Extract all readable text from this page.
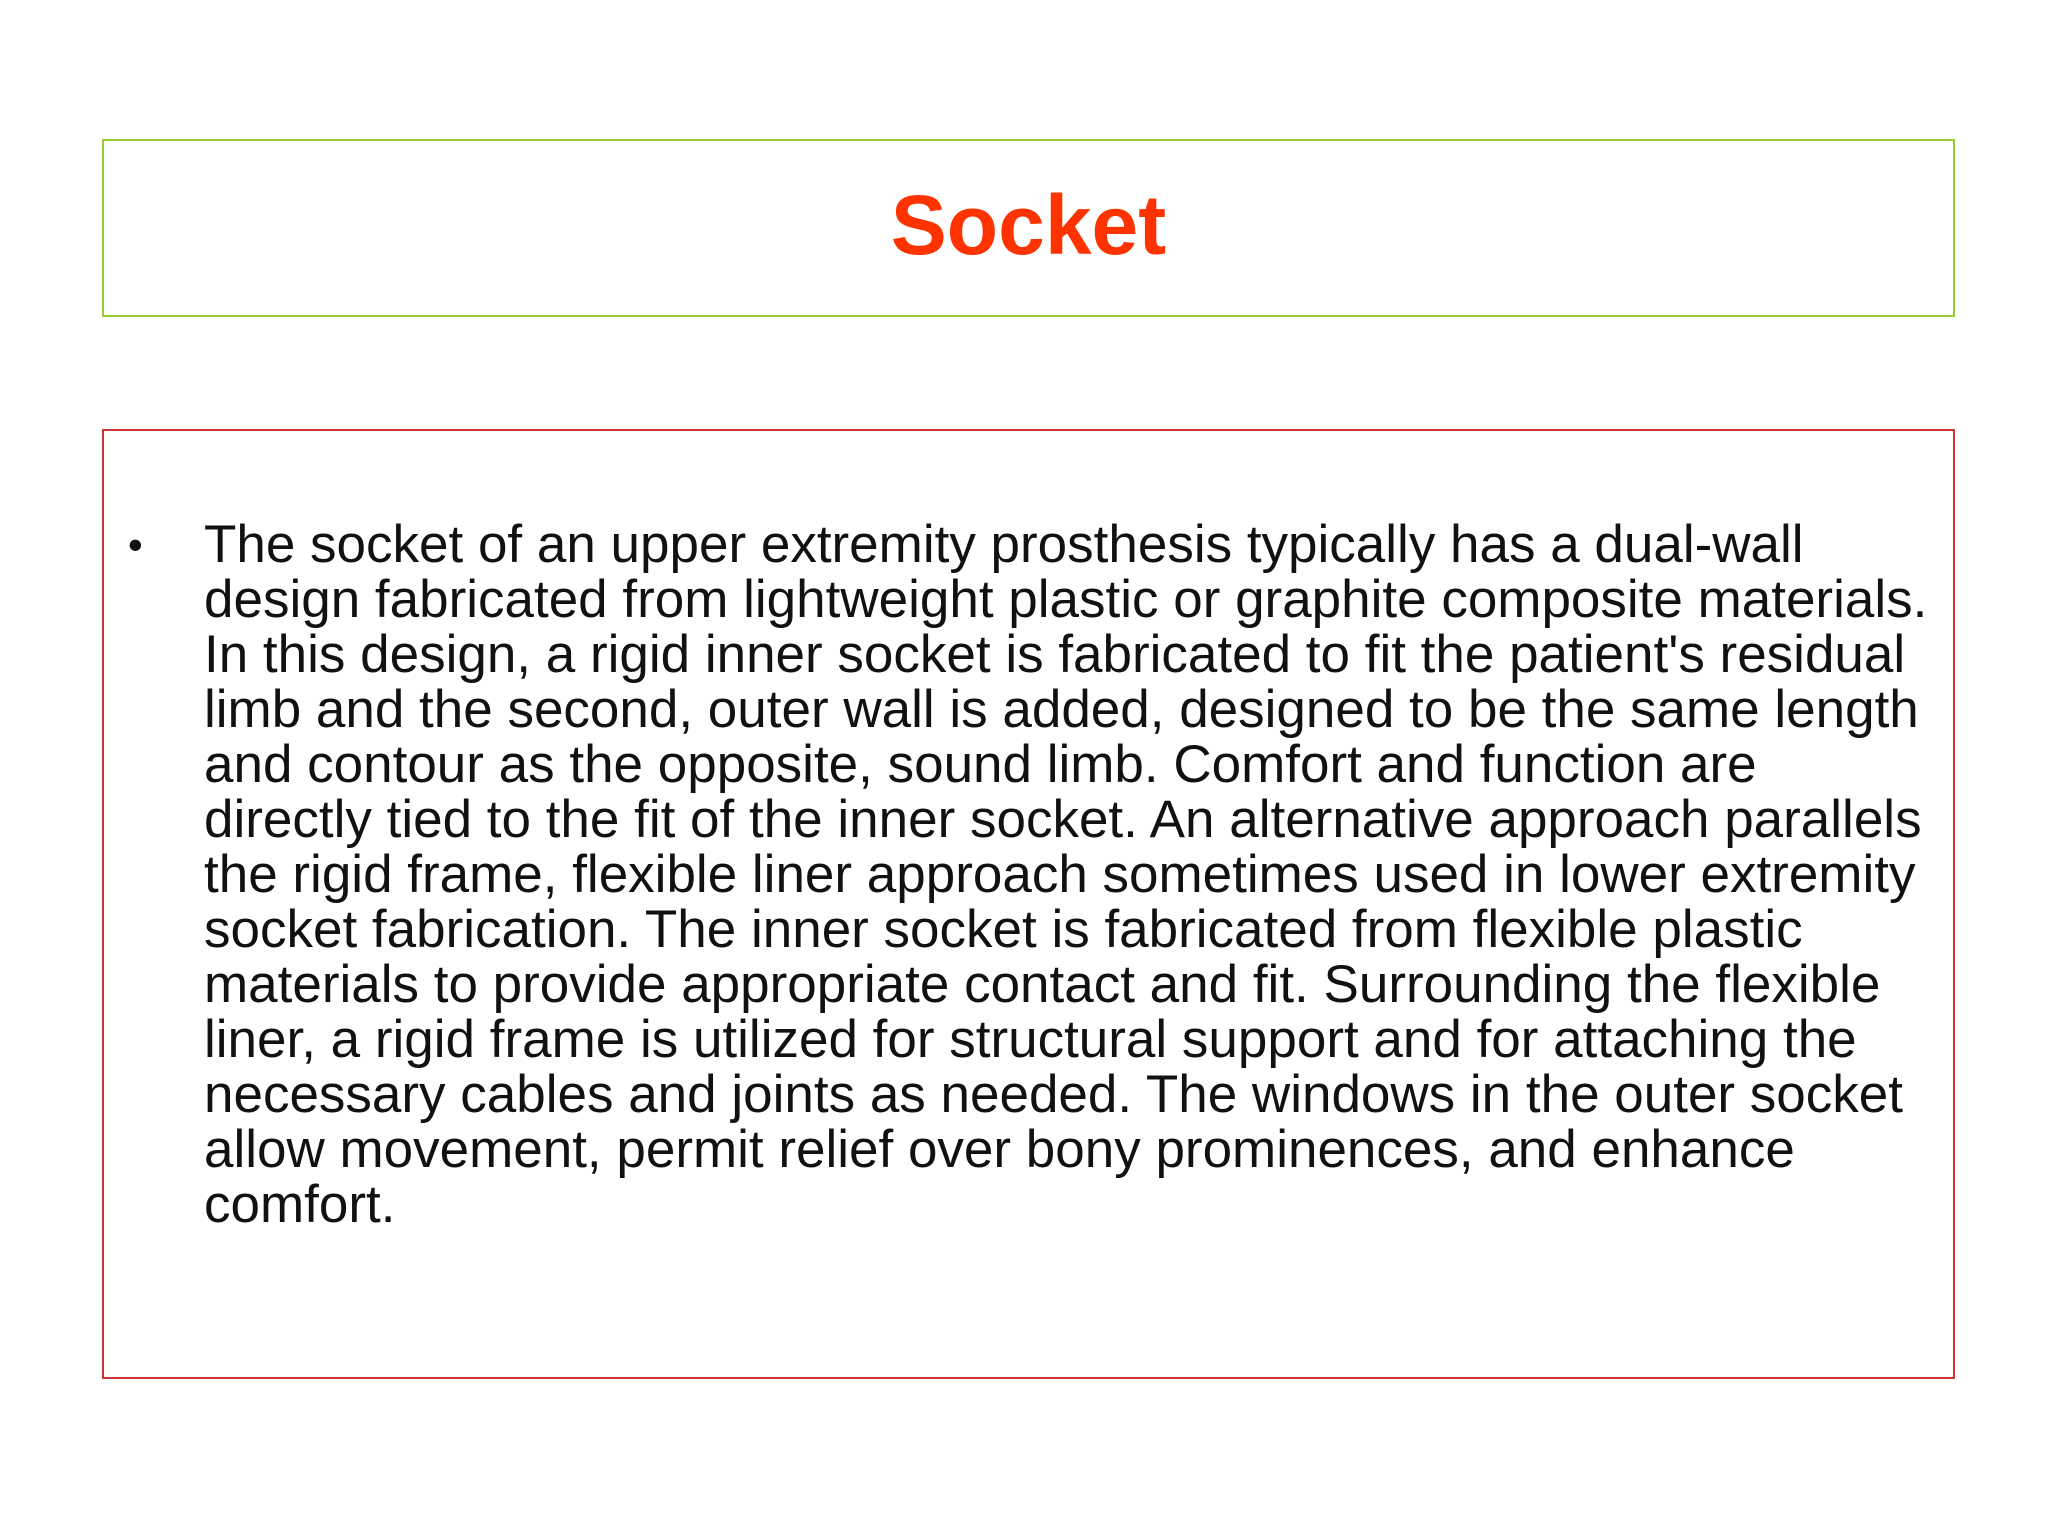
Socket
• The socket of an upper extremity prosthesis typically has a dual-wall design fabricated from lightweight plastic or graphite composite materials. In this design, a rigid inner socket is fabricated to fit the patient's residual limb and the second, outer wall is added, designed to be the same length and contour as the opposite, sound limb. Comfort and function are directly tied to the fit of the inner socket. An alternative approach parallels the rigid frame, flexible liner approach sometimes used in lower extremity socket fabrication. The inner socket is fabricated from flexible plastic materials to provide appropriate contact and fit. Surrounding the flexible liner, a rigid frame is utilized for structural support and for attaching the necessary cables and joints as needed. The windows in the outer socket allow movement, permit relief over bony prominences, and enhance comfort.
